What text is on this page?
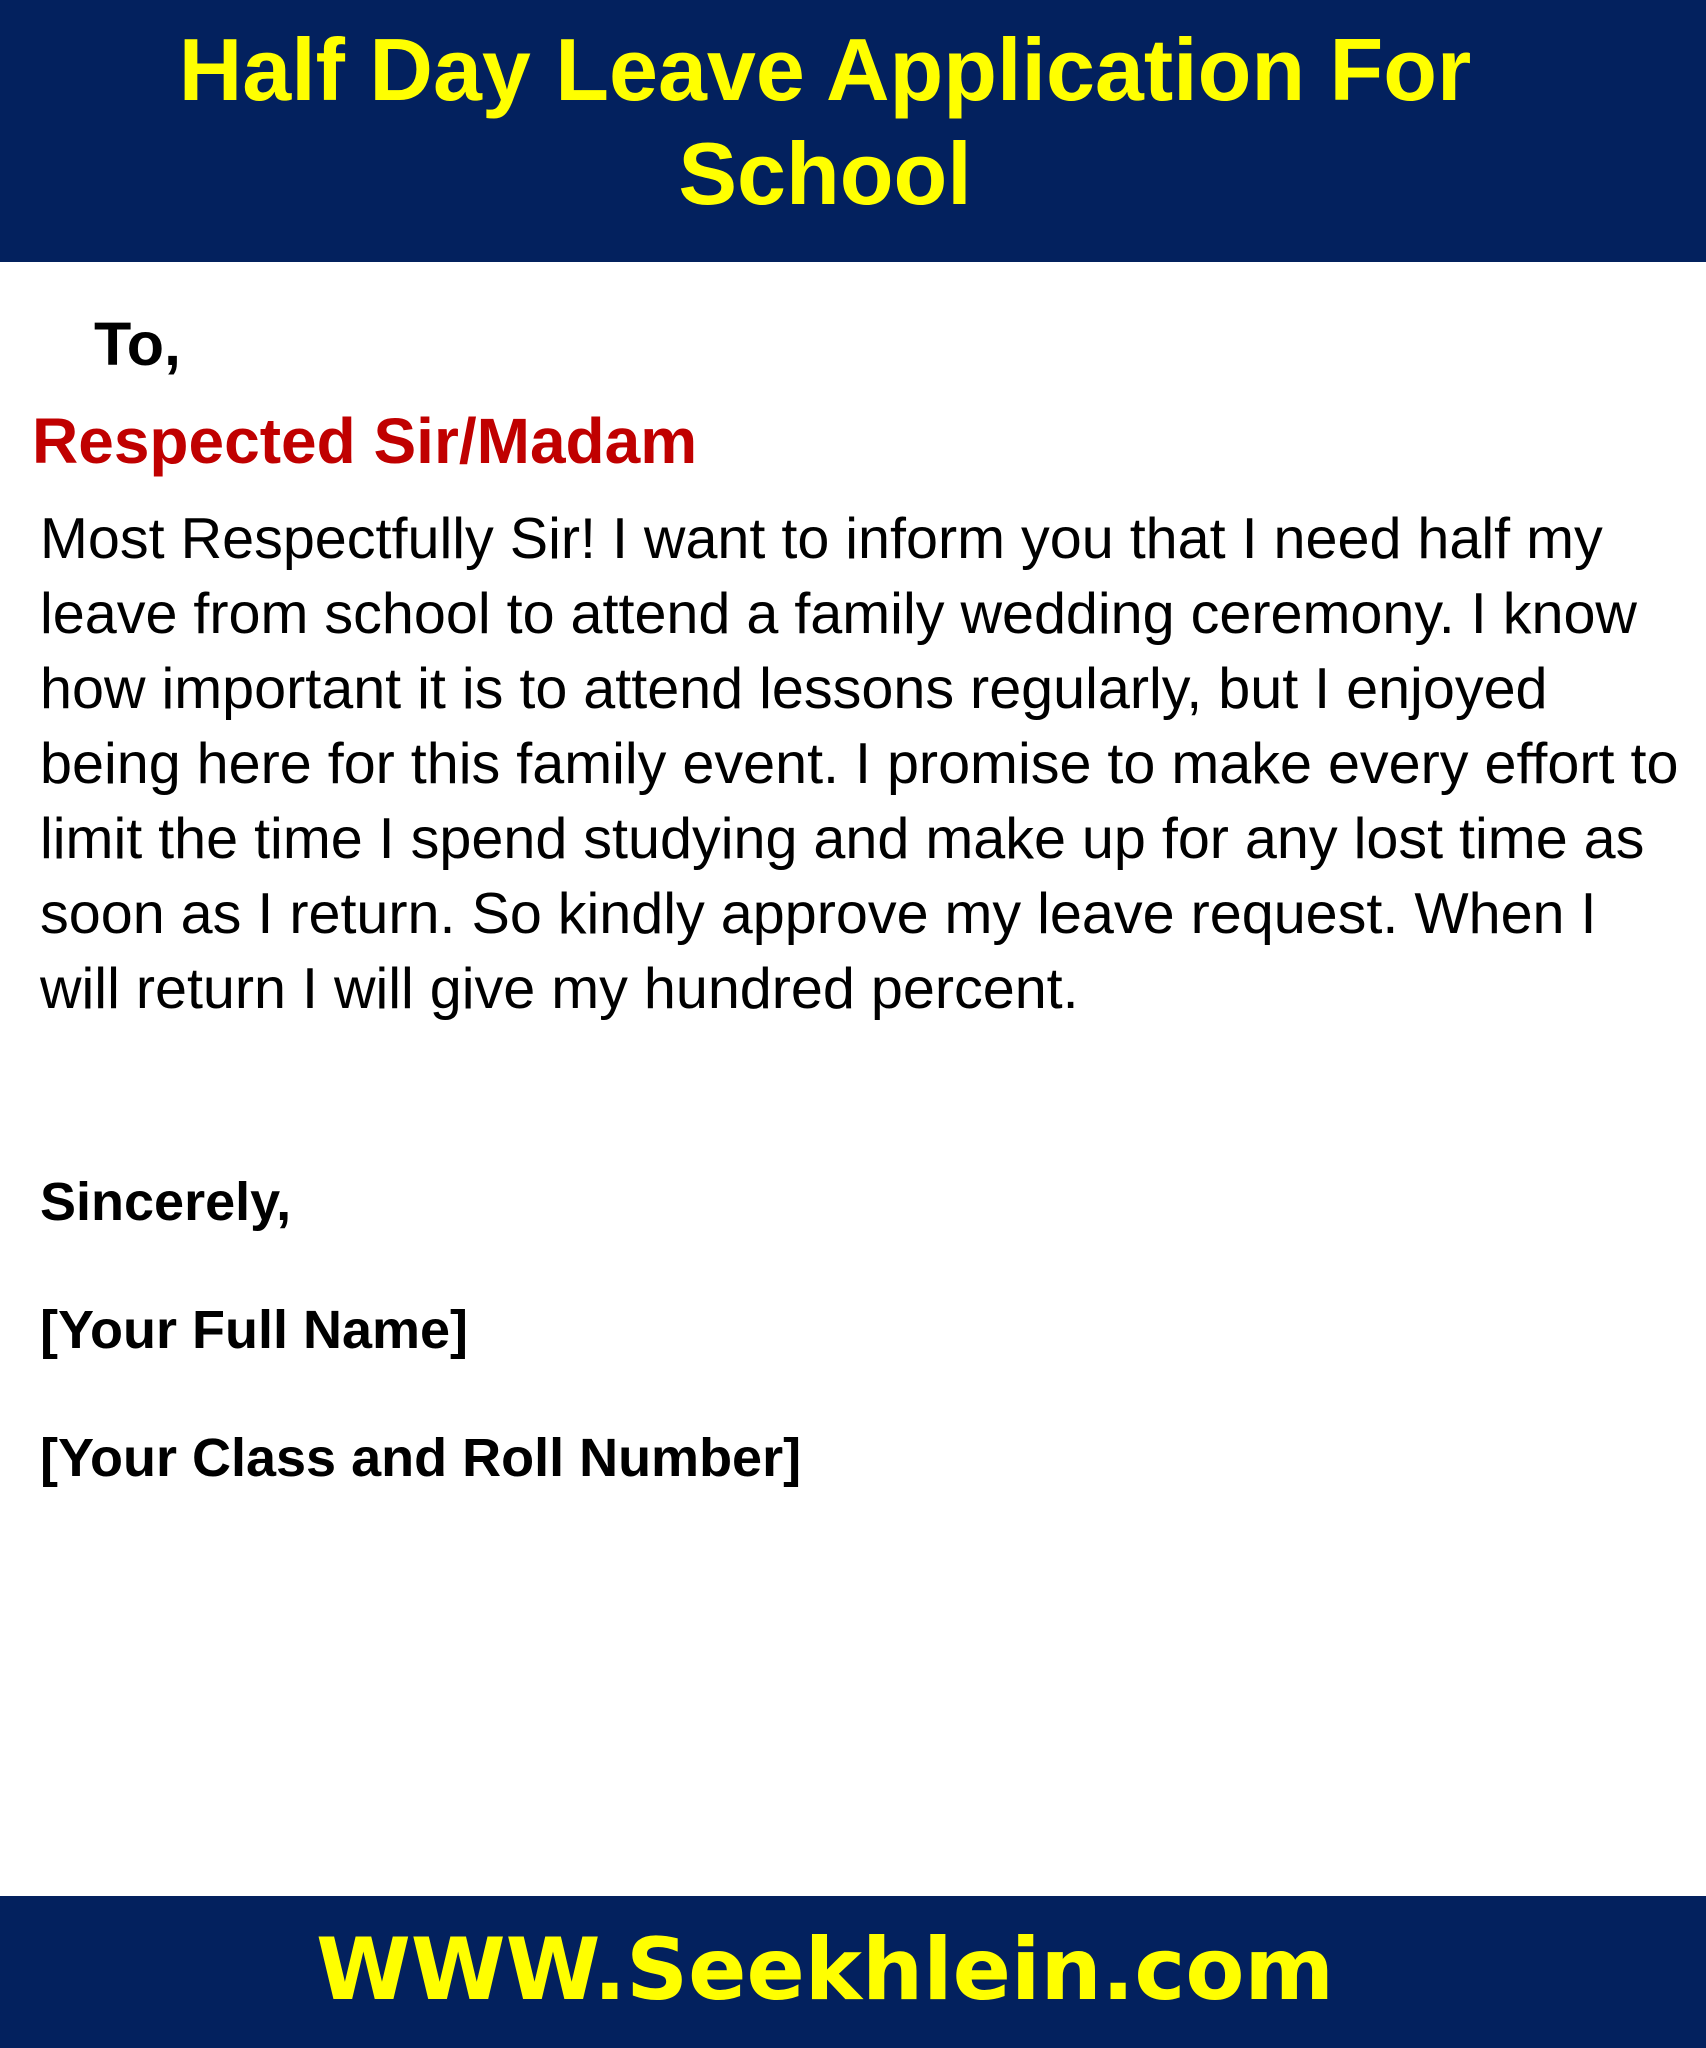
Half Day Leave Application For
School
To,
Respected Sir/Madam

Most Respectfully Sir! I want to inform you that I need half my leave from school to attend a family wedding ceremony. I know how important it is to attend lessons regularly, but I enjoyed being here for this family event. I promise to make every effort to limit the time I spend studying and make up for any lost time as soon as I return. So kindly approve my leave request. When I will return I will give my hundred percent.

Sincerely,
[Your Full Name]
[Your Class and Roll Number]
WWW.Seekhlein.com
